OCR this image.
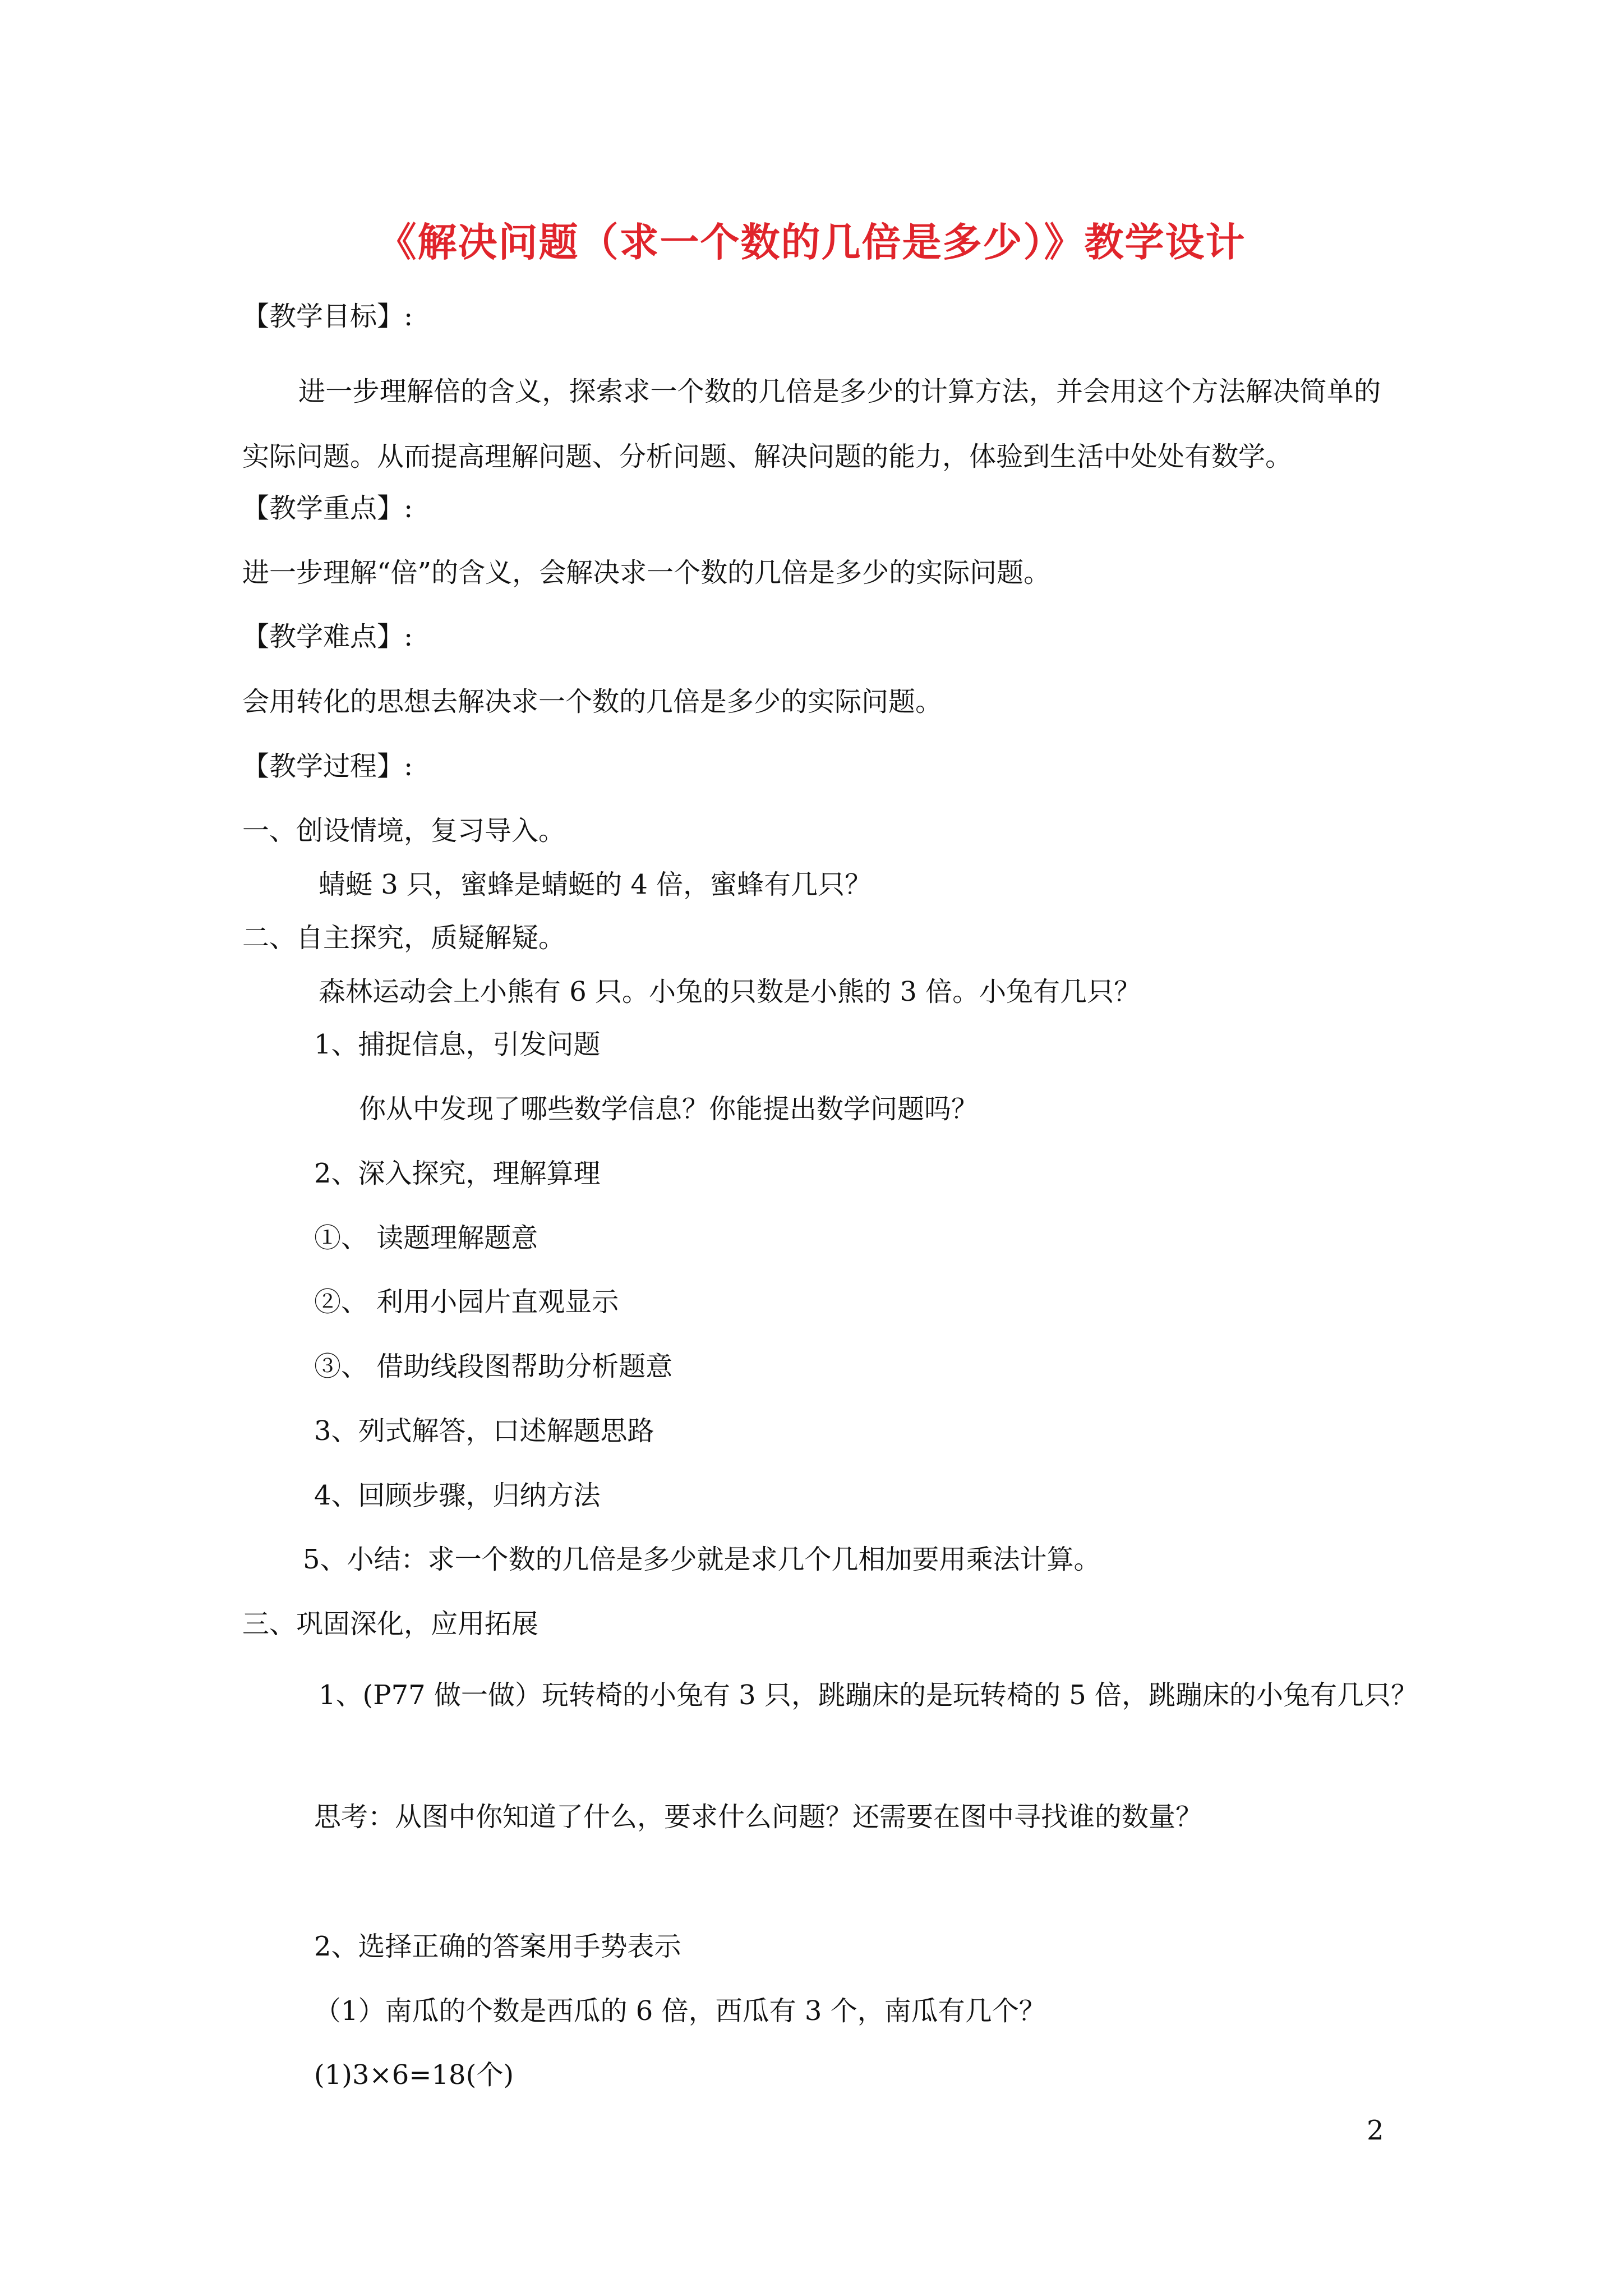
《解决问题（求一个数的几倍是多少）》教学设计
【教学目标】:
进一步理解倍的含义，探索求一个数的几倍是多少的计算方法，并会用这个方法解决简单的实际问题。从而提高理解问题、分析问题、解决问题的能力，体验到生活中处处有数学。
【教学重点】:
进一步理解“倍”的含义，会解决求一个数的几倍是多少的实际问题。
【教学难点】:
会用转化的思想去解决求一个数的几倍是多少的实际问题。
【教学过程】:
一、创设情境，复习导入。
蜻蜓 3 只，蜜蜂是蜻蜓的 4 倍，蜜蜂有几只？
二、自主探究，质疑解疑。
森林运动会上小熊有 6 只。小兔的只数是小熊的 3 倍。小兔有几只？
1、捕捉信息，引发问题
你从中发现了哪些数学信息？你能提出数学问题吗？
2、深入探究，理解算理
①、 读题理解题意
②、 利用小园片直观显示
③、 借助线段图帮助分析题意
3、列式解答，口述解题思路
4、回顾步骤，归纳方法
5、小结：求一个数的几倍是多少就是求几个几相加要用乘法计算。
三、巩固深化，应用拓展
1、(P77 做一做）玩转椅的小兔有 3 只，跳蹦床的是玩转椅的 5 倍，跳蹦床的小兔有几只？
思考：从图中你知道了什么，要求什么问题？还需要在图中寻找谁的数量？
2、选择正确的答案用手势表示
（1）南瓜的个数是西瓜的 6 倍，西瓜有 3 个，南瓜有几个？
(1)3×6=18(个)
2
